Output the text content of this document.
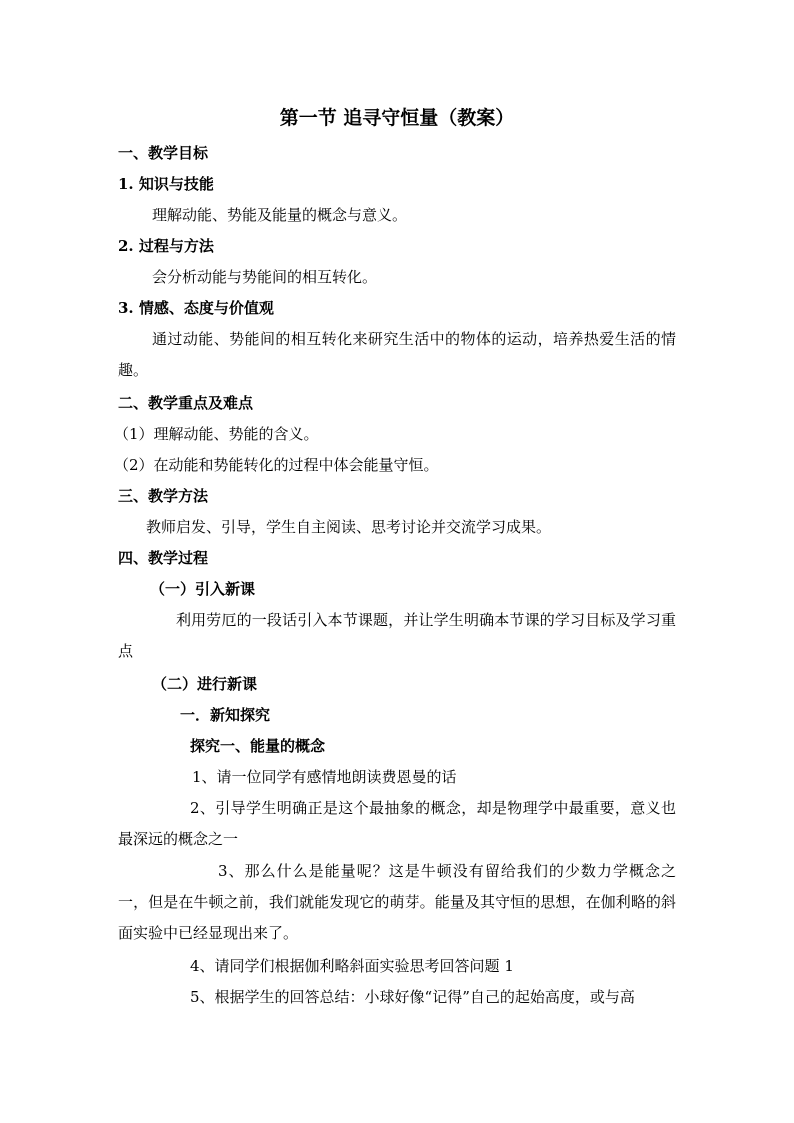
第一节 追寻守恒量（教案）
一、教学目标
1. 知识与技能
理解动能、势能及能量的概念与意义。
2. 过程与方法
会分析动能与势能间的相互转化。
3. 情感、态度与价值观
通过动能、势能间的相互转化来研究生活中的物体的运动，培养热爱生活的情趣。
二、教学重点及难点
（1）理解动能、势能的含义。
（2）在动能和势能转化的过程中体会能量守恒。
三、教学方法
教师启发、引导，学生自主阅读、思考讨论并交流学习成果。
四、教学过程
（一）引入新课
利用劳厄的一段话引入本节课题，并让学生明确本节课的学习目标及学习重点
（二）进行新课
一．新知探究
探究一、能量的概念
1、请一位同学有感情地朗读费恩曼的话
2、引导学生明确正是这个最抽象的概念，却是物理学中最重要，意义也最深远的概念之一
3、那么什么是能量呢？这是牛顿没有留给我们的少数力学概念之一，但是在牛顿之前，我们就能发现它的萌芽。能量及其守恒的思想，在伽利略的斜面实验中已经显现出来了。
4、请同学们根据伽利略斜面实验思考回答问题 1
5、根据学生的回答总结：小球好像“记得”自己的起始高度，或与高
